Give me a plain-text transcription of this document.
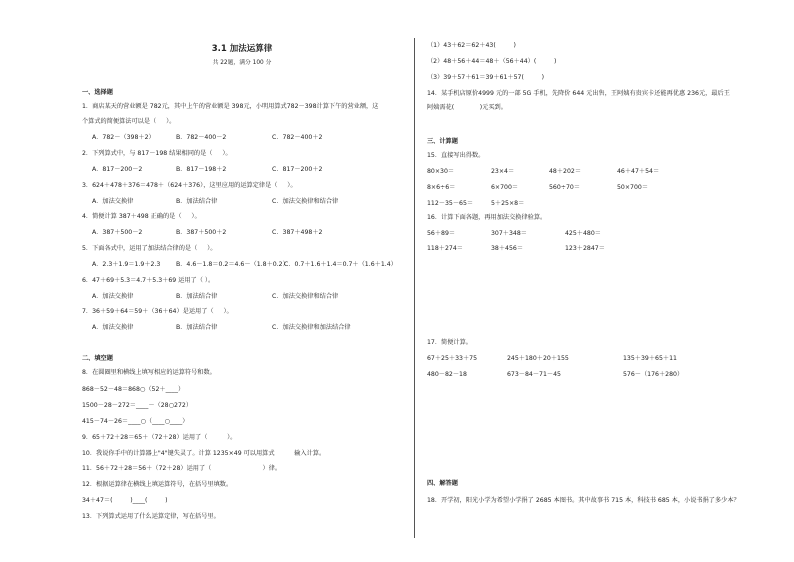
3.1 加法运算律
共 22题，满分 100 分
一、选择题
1．商店某天的营业额是 782元，其中上午的营业额是 398元，小明用算式782－398计算下午的营业额，这
个算式的简便算法可以是（     ）。
A．782－（398＋2）	B．782－400－2	C．782－400＋2
2．下列算式中，与 817－198 结果相同的是（     ）。
A．817－200－2	B．817－198＋2	C．817－200＋2
3．624＋478＋376＝478＋（624＋376），这里应用的运算定律是（     ）。
A．加法交换律	B．加法结合律	C．加法交换律和结合律
4．简便计算 387＋498 正确的是（     ）。
A．387＋500－2	B．387＋500＋2	C．387＋498＋2
5．下面各式中，运用了加法结合律的是（     ）。
A．2.3＋1.9＝1.9＋2.3	B．4.6－1.8＝0.2＝4.6－（1.8＋0.2）
C．0.7＋1.6＋1.4＝0.7＋（1.6＋1.4）
6．47＋69＋5.3＝4.7＋5.3＋69 运用了（ ）。
A．加法交换律	B．加法结合律	C．加法交换律和结合律
7．36＋59＋64＝59＋（36＋64）是运用了（     ）。
A．加法交换律	B．加法结合律	C．加法交换律和加法结合律
二、填空题
8．在圆圈里和横线上填写相应的运算符号和数。
868－52－48＝868○（52＋____）
1500－28－272＝____－（28○272）
415－74－26＝____○（____○____）
9．65＋72＋28＝65＋（72＋28）运用了（          ）。
10．我说你手中的计算器上"4"键失灵了。计算 1235×49 可以用算式          输入计算。
11．56＋72＋28＝56＋（72＋28）运用了（                          ）律。
12．根据运算律在横线上填运算符号，在括号里填数。
34＋47＝(         )____(         )
13．下列算式运用了什么运算定律，写在括号里。
（1）43＋62＝62＋43(         )
（2）48＋56＋44＝48＋（56＋44）(         )
（3）39＋57＋61＝39＋61＋57(         )
14．某手机店原价4999 元的一部 5G 手机，先降价 644 元出售，王阿姨有贵宾卡还能再优惠 236元，最后王
阿姨需花(             )元买到。
三、计算题
15．直接写出得数。
80×30＝	23×4＝	48＋202＝	46＋47＋54＝
8×6÷6＝	6×700＝	560÷70＝	50×700＝
112－35－65＝	5＋25×8＝
16．计算下面各题，再用加法交换律验算。
56＋89＝	307＋348＝	425＋480＝
118＋274＝	38＋456＝	123＋2847＝
17．简便计算。
67＋25＋33＋75	245＋180＋20＋155	135＋39＋65＋11
480－82－18	673－84－71－45	576－（176＋280）
四、解答题
18．开学初，阳光小学为希望小学捐了 2685 本图书。其中故事书 715 本，科技书 685 本，小说书捐了多少本？
